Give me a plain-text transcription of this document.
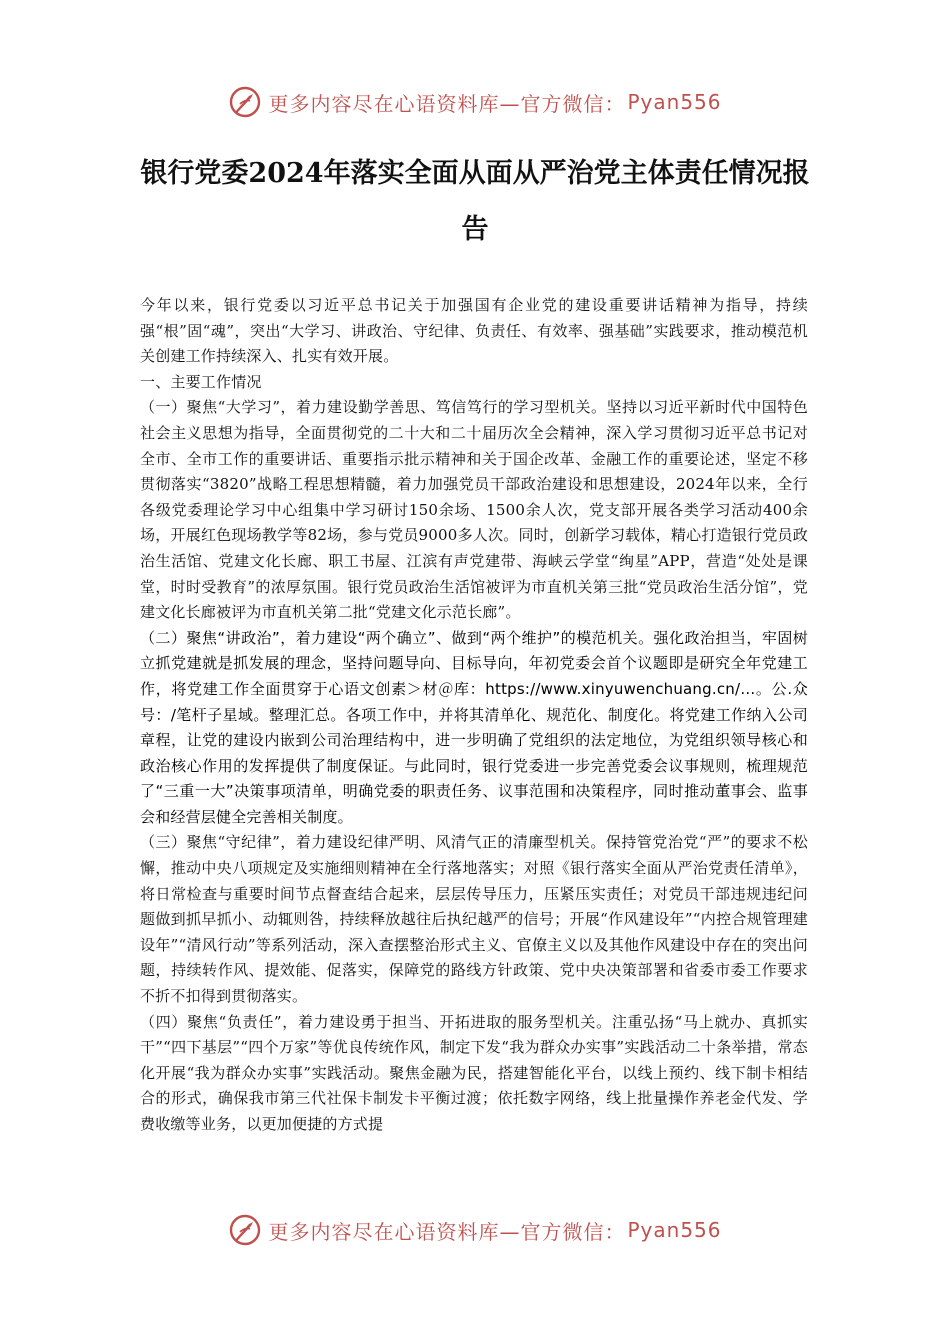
更多内容尽在心语资料库—官方微信： Pyan556
银行党委2024年落实全面从面从严治党主体责任情况报告

今年以来，银行党委以习近平总书记关于加强国有企业党的建设重要讲话精神为指导，持续强“根”固“魂”，突出“大学习、讲政治、守纪律、负责任、有效率、强基础”实践要求，推动模范机关创建工作持续深入、扎实有效开展。

一、主要工作情况

（一）聚焦“大学习”，着力建设勤学善思、笃信笃行的学习型机关。坚持以习近平新时代中国特色社会主义思想为指导，全面贯彻党的二十大和二十届历次全会精神，深入学习贯彻习近平总书记对全市、全市工作的重要讲话、重要指示批示精神和关于国企改革、金融工作的重要论述，坚定不移贯彻落实“3820”战略工程思想精髓，着力加强党员干部政治建设和思想建设，2024年以来，全行各级党委理论学习中心组集中学习研讨150余场、1500余人次，党支部开展各类学习活动400余场，开展红色现场教学等82场，参与党员9000多人次。同时，创新学习载体，精心打造银行党员政治生活馆、党建文化长廊、职工书屋、江滨有声党建带、海峡云学堂“绚星”APP，营造“处处是课堂，时时受教育”的浓厚氛围。银行党员政治生活馆被评为市直机关第三批“党员政治生活分馆”，党建文化长廊被评为市直机关第二批“党建文化示范长廊”。

（二）聚焦“讲政治”，着力建设“两个确立”、做到“两个维护”的模范机关。强化政治担当，牢固树立抓党建就是抓发展的理念，坚持问题导向、目标导向，年初党委会首个议题即是研究全年党建工作，将党建工作全面贯穿于心语文创素＞材＠库：https://www.xinyuwenchuang.cn/…。公.众号：/笔杆子星域。整理汇总。各项工作中，并将其清单化、规范化、制度化。将党建工作纳入公司章程，让党的建设内嵌到公司治理结构中，进一步明确了党组织的法定地位，为党组织领导核心和政治核心作用的发挥提供了制度保证。与此同时，银行党委进一步完善党委会议事规则，梳理规范了“三重一大”决策事项清单，明确党委的职责任务、议事范围和决策程序，同时推动董事会、监事会和经营层健全完善相关制度。

（三）聚焦“守纪律”，着力建设纪律严明、风清气正的清廉型机关。保持管党治党“严”的要求不松懈，推动中央八项规定及实施细则精神在全行落地落实；对照《银行落实全面从严治党责任清单》，将日常检查与重要时间节点督查结合起来，层层传导压力，压紧压实责任；对党员干部违规违纪问题做到抓早抓小、动辄则咎，持续释放越往后执纪越严的信号；开展“作风建设年”“内控合规管理建设年”“清风行动”等系列活动，深入查摆整治形式主义、官僚主义以及其他作风建设中存在的突出问题，持续转作风、提效能、促落实，保障党的路线方针政策、党中央决策部署和省委市委工作要求不折不扣得到贯彻落实。

（四）聚焦“负责任”，着力建设勇于担当、开拓进取的服务型机关。注重弘扬“马上就办、真抓实干”“四下基层”“四个万家”等优良传统作风，制定下发“我为群众办实事”实践活动二十条举措，常态化开展“我为群众办实事”实践活动。聚焦金融为民，搭建智能化平台，以线上预约、线下制卡相结合的形式，确保我市第三代社保卡制发卡平衡过渡；依托数字网络，线上批量操作养老金代发、学费收缴等业务，以更加便捷的方式提

更多内容尽在心语资料库—官方微信： Pyan556
